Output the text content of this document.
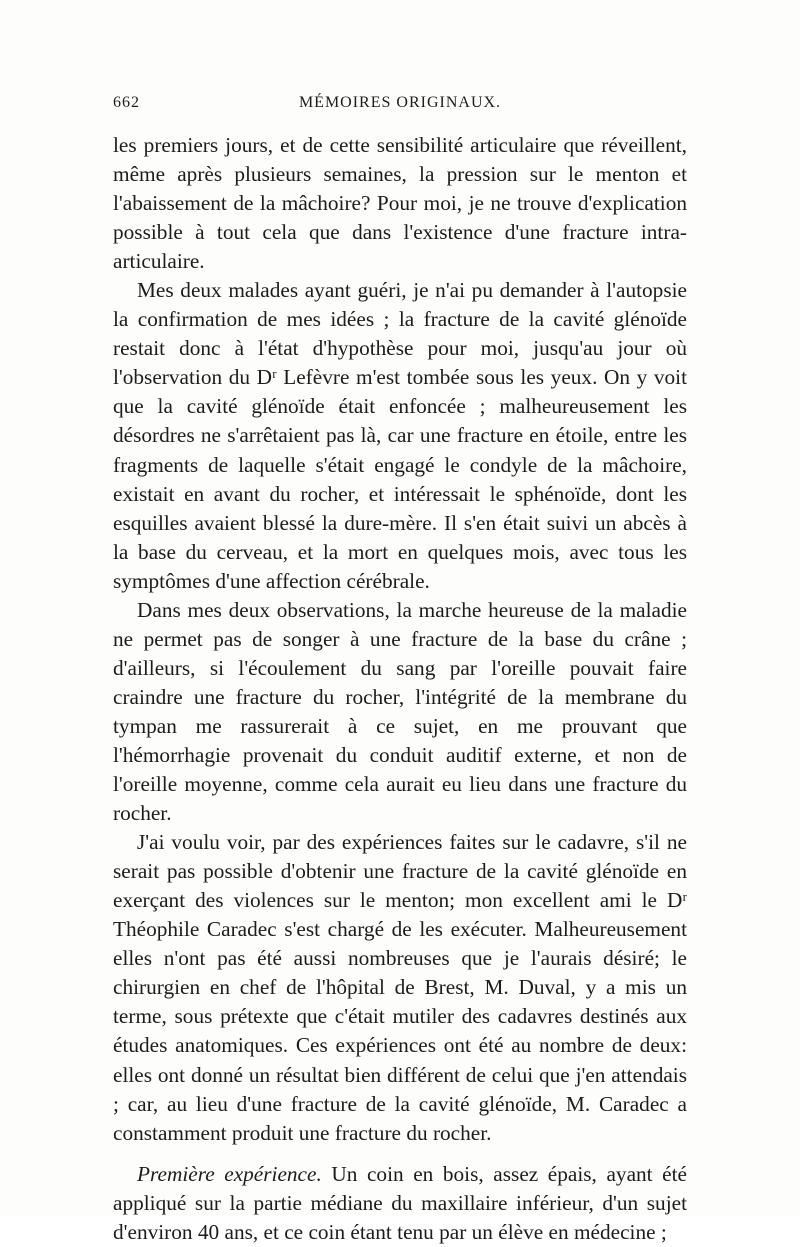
662	MÉMOIRES ORIGINAUX.

les premiers jours, et de cette sensibilité articulaire que réveillent, même après plusieurs semaines, la pression sur le menton et l'abaissement de la mâchoire? Pour moi, je ne trouve d'explication possible à tout cela que dans l'existence d'une fracture intra-articulaire.

Mes deux malades ayant guéri, je n'ai pu demander à l'autopsie la confirmation de mes idées ; la fracture de la cavité glénoïde restait donc à l'état d'hypothèse pour moi, jusqu'au jour où l'observation du Dʳ Lefèvre m'est tombée sous les yeux. On y voit que la cavité glénoïde était enfoncée ; malheureusement les désordres ne s'arrêtaient pas là, car une fracture en étoile, entre les fragments de laquelle s'était engagé le condyle de la mâchoire, existait en avant du rocher, et intéressait le sphénoïde, dont les esquilles avaient blessé la dure-mère. Il s'en était suivi un abcès à la base du cerveau, et la mort en quelques mois, avec tous les symptômes d'une affection cérébrale.

Dans mes deux observations, la marche heureuse de la maladie ne permet pas de songer à une fracture de la base du crâne ; d'ailleurs, si l'écoulement du sang par l'oreille pouvait faire craindre une fracture du rocher, l'intégrité de la membrane du tympan me rassurerait à ce sujet, en me prouvant que l'hémorrhagie provenait du conduit auditif externe, et non de l'oreille moyenne, comme cela aurait eu lieu dans une fracture du rocher.

J'ai voulu voir, par des expériences faites sur le cadavre, s'il ne serait pas possible d'obtenir une fracture de la cavité glénoïde en exerçant des violences sur le menton; mon excellent ami le Dʳ Théophile Caradec s'est chargé de les exécuter. Malheureusement elles n'ont pas été aussi nombreuses que je l'aurais désiré; le chirurgien en chef de l'hôpital de Brest, M. Duval, y a mis un terme, sous prétexte que c'était mutiler des cadavres destinés aux études anatomiques. Ces expériences ont été au nombre de deux: elles ont donné un résultat bien différent de celui que j'en attendais ; car, au lieu d'une fracture de la cavité glénoïde, M. Caradec a constamment produit une fracture du rocher.

Première expérience. Un coin en bois, assez épais, ayant été appliqué sur la partie médiane du maxillaire inférieur, d'un sujet d'environ 40 ans, et ce coin étant tenu par un élève en médecine ;
